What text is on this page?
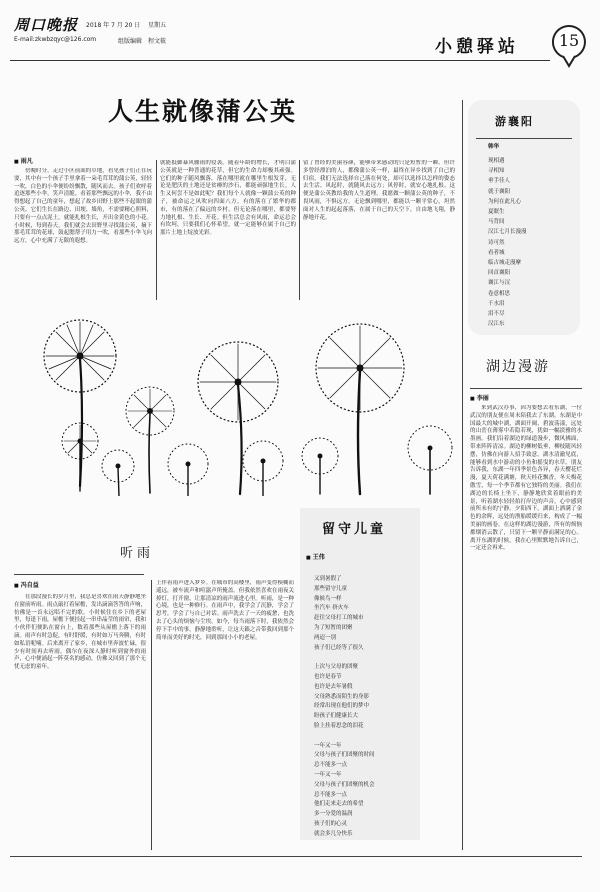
周口晚报 2018 年 7 月 20 日 星期五
E-mail:zkwbzqyc@126.com	组版编辑 程文筱	小憩驿站	15
人生就像蒲公英
■ 雨凡
傍晚时分，走过小区前面的草地，看见孩子们正在玩耍，其中有一个孩子手里拿着一朵毛茸茸的蒲公英，轻轻一吹，白色的小伞便纷纷飘散，随风而去。孩子们欢呼着追逐那些小伞，笑声清脆。看着那些飘远的小伞，我不由得想起了自己的童年，想起了故乡田野上那些不起眼的蒲公英。它们生长在路边、田埂、墙角，不需要精心照料，只要有一点点泥土，就能扎根生长，开出金黄色的小花。小时候，每到春天，我们就会去田野里寻找蒲公英，摘下那毛茸茸的花球，鼓起腮帮子用力一吹，看那些小伞飞向远方，心中充满了无限的遐想。
就能抵御暴风骤雨的侵袭。随着年龄的增长，才明白蒲公英就是一种普通的花草，但它的生命力却极其顽强。它们的种子随风飘落，落在哪里就在哪里生根发芽，无论是肥沃的土地还是贫瘠的沙石，都能顽强地生长。人生又何尝不是如此呢？我们每个人就像一颗蒲公英的种子，被命运之风吹向四面八方，有的落在了繁华的都市，有的落在了偏远的乡村，但无论落在哪里，都要努力地扎根、生长、开花。但生活总会有风雨，命运总会有坎坷，只要我们心怀希望，就一定能够在属于自己的那片土地上绽放光彩。
留了曾经的美丽容颜，能够带来感动的只是短暂的一瞬。但许多曾经漂泊的人，都像蒲公英一样，最终在异乡找到了自己的归宿。我们无法选择自己落在何处，却可以选择以怎样的姿态去生活。风起时，就随风去远方；风停时，就安心地扎根。这便是蒲公英教给我的人生道理。我愿做一颗蒲公英的种子，不畏风雨，不惧远方，无论飘到哪里，都能以一颗平常心，坦然面对人生的起起落落，在属于自己的天空下，自由地飞翔，静静地开花。
听雨
■ 冯自益
在那段漫长的岁月里，我总是喜欢在雨天静静地坐在窗前听雨。雨点敲打着屋檐，发出滴滴答答的声响，仿佛是一首永远唱不完的歌。小时候住在乡下的老屋里，每逢下雨，屋檐下便挂起一串串晶莹的雨帘，我和小伙伴们便趴在窗台上，数着那些从屋檐上落下的雨滴。雨声有时急促，有时舒缓，有时如万马奔腾，有时如私语呢喃。后来离开了家乡，在城市里奔波忙碌，很少有时间再去听雨。偶尔在夜深人静时听到窗外的雨声，心中便涌起一阵莫名的感动，仿佛又回到了那个无忧无虑的童年。
上伴着雨声进入梦乡。在城市的高楼里，雨声变得模糊而遥远，被车流声和喧嚣声所掩盖。但我依然喜欢在雨夜关掉灯，打开窗，让那清凉的雨声流进心里。听雨，是一种心境，也是一种修行。在雨声中，我学会了沉静，学会了思考，学会了与自己对话。雨声洗去了一天的疲惫，也洗去了心头的烦恼与尘埃。如今，每当雨落下时，我依然会停下手中的事，静静地聆听，让这天籁之音带我回到那个简单而美好的时光，回到那间小小的老屋。
留守儿童
■ 王伟
又到暑假了
那些留守儿童
像候鸟一样
坐汽车 挤火车
赶往父母打工的城市
为了短暂的团聚
两迢一别
孩子们已经等了很久
上次与父母的团聚
也许是春节
也许是去年暑假
父母熟悉而陌生的身影
经常出现在他们的梦中
盼孩子们健康长大
脸上挂着思念的泪花
一年又一年
父母与孩子们团聚的时间
总不能多一点
一年又一年
父母与孩子们团聚的机会
总不能多一点
他们走来走去的希望
多一分爱的温润
孩子们的心灵
就会多几分快乐
游襄阳
韩华
现相遇
寻相知
垂手佳人
就于襄阳
为何在此凡心
夏眠生
马背间
汉江七月长漫漫
诗可然
看者城
临古城走漫摩
回首襄阳
襄江与汉
卷意相思
千水泪
泪不尽
汉江东
湖边漫游
■ 李丽
来到武汉办事，因为要想去看东湖，一位武汉的朋友便在周末陪我去了东湖。东湖是中国最大的城中湖，湖面开阔，碧波荡漾，远处的山峦在薄雾中若隐若现，犹如一幅淡雅的水墨画。我们沿着湖边的绿道漫步，微风拂面，带来阵阵清凉。湖边的柳树低垂，柳枝随风轻摆，仿佛在向游人招手致意。湖水清澈见底，能够看到水中游动的小鱼和摇曳的水草。朋友告诉我，东湖一年四季景色各异，春天樱花烂漫，夏天荷花满塘，秋天桂花飘香，冬天梅花傲雪，每一个季节都有它独特的美丽。我们在湖边的长椅上坐下，静静地欣赏着眼前的美景，听着湖水轻轻拍打岸边的声音，心中感到前所未有的宁静。夕阳西下，湖面上洒满了金色的余晖，远处的渔船缓缓归来，构成了一幅美丽的画卷。在这样的湖边漫游，所有的烦恼都烟消云散了，只留下一颗平静而满足的心。离开东湖的时候，我在心里默默地告诉自己，一定还会再来。
